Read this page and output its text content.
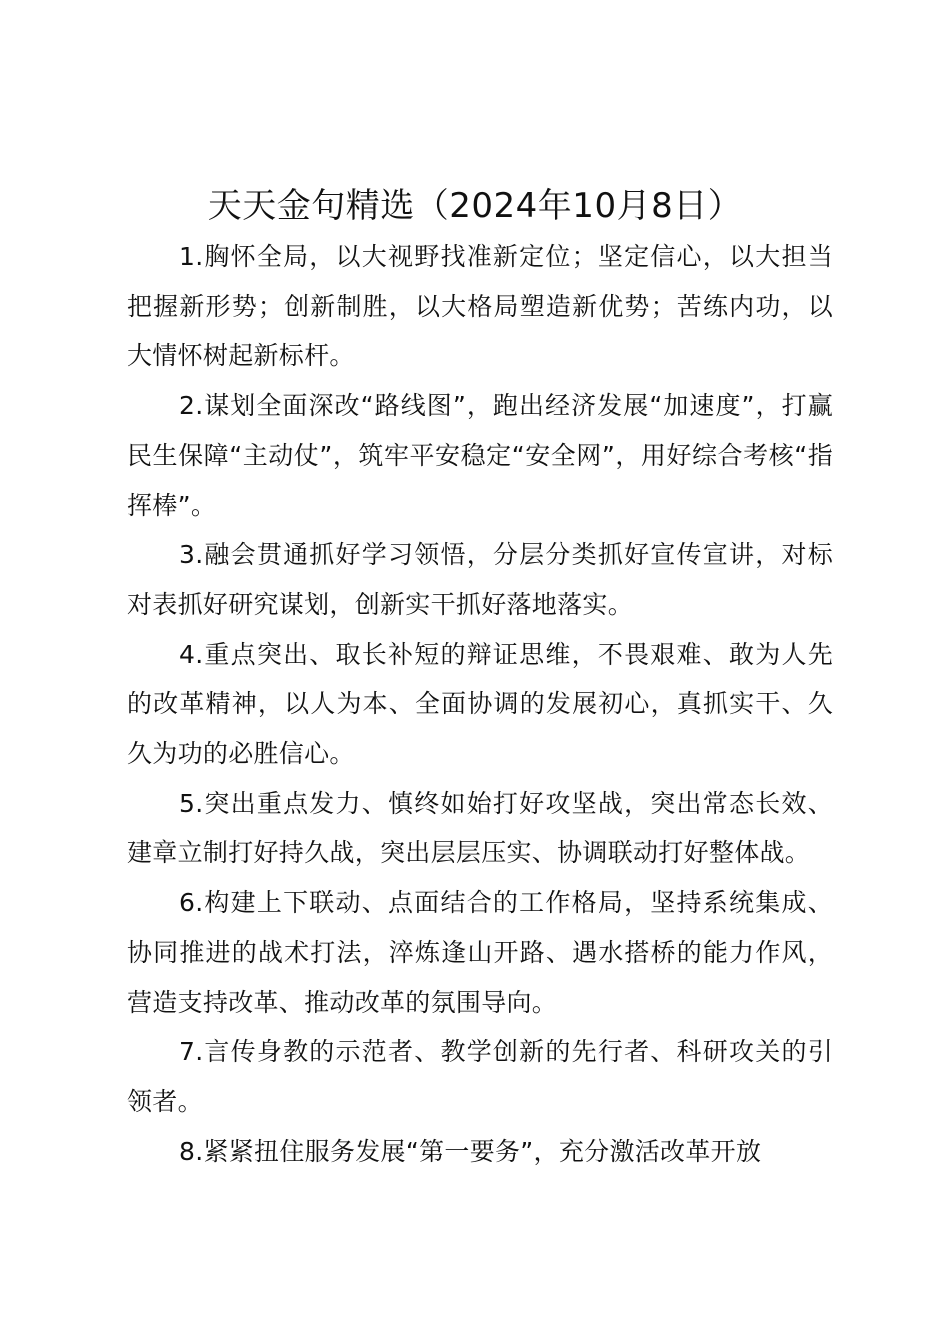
天天金句精选（2024年10月8日）

1.胸怀全局，以大视野找准新定位；坚定信心，以大担当把握新形势；创新制胜，以大格局塑造新优势；苦练内功，以大情怀树起新标杆。

2.谋划全面深改“路线图”，跑出经济发展“加速度”，打赢民生保障“主动仗”，筑牢平安稳定“安全网”，用好综合考核“指挥棒”。

3.融会贯通抓好学习领悟，分层分类抓好宣传宣讲，对标对表抓好研究谋划，创新实干抓好落地落实。

4.重点突出、取长补短的辩证思维，不畏艰难、敢为人先的改革精神，以人为本、全面协调的发展初心，真抓实干、久久为功的必胜信心。

5.突出重点发力、慎终如始打好攻坚战，突出常态长效、建章立制打好持久战，突出层层压实、协调联动打好整体战。

6.构建上下联动、点面结合的工作格局，坚持系统集成、协同推进的战术打法，淬炼逢山开路、遇水搭桥的能力作风，营造支持改革、推动改革的氛围导向。

7.言传身教的示范者、教学创新的先行者、科研攻关的引领者。

8.紧紧扭住服务发展“第一要务”，充分激活改革开放
